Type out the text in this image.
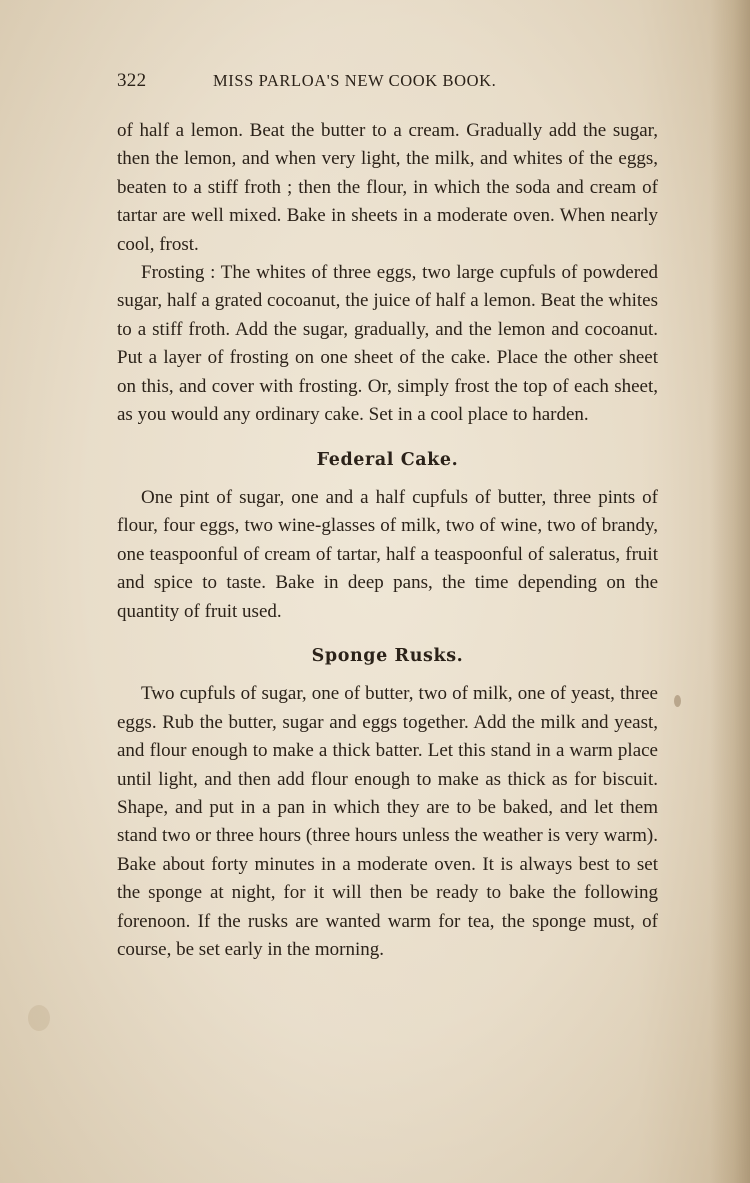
322	MISS PARLOA'S NEW COOK BOOK.

of half a lemon. Beat the butter to a cream. Gradually add the sugar, then the lemon, and when very light, the milk, and whites of the eggs, beaten to a stiff froth ; then the flour, in which the soda and cream of tartar are well mixed. Bake in sheets in a moderate oven. When nearly cool, frost.

Frosting : The whites of three eggs, two large cupfuls of powdered sugar, half a grated cocoanut, the juice of half a lemon. Beat the whites to a stiff froth. Add the sugar, gradually, and the lemon and cocoanut. Put a layer of frosting on one sheet of the cake. Place the other sheet on this, and cover with frosting. Or, simply frost the top of each sheet, as you would any ordinary cake. Set in a cool place to harden.

Federal Cake.

One pint of sugar, one and a half cupfuls of butter, three pints of flour, four eggs, two wine-glasses of milk, two of wine, two of brandy, one teaspoonful of cream of tartar, half a teaspoonful of saleratus, fruit and spice to taste. Bake in deep pans, the time depending on the quantity of fruit used.

Sponge Rusks.

Two cupfuls of sugar, one of butter, two of milk, one of yeast, three eggs. Rub the butter, sugar and eggs together. Add the milk and yeast, and flour enough to make a thick batter. Let this stand in a warm place until light, and then add flour enough to make as thick as for biscuit. Shape, and put in a pan in which they are to be baked, and let them stand two or three hours (three hours unless the weather is very warm). Bake about forty minutes in a moderate oven. It is always best to set the sponge at night, for it will then be ready to bake the following forenoon. If the rusks are wanted warm for tea, the sponge must, of course, be set early in the morning.
